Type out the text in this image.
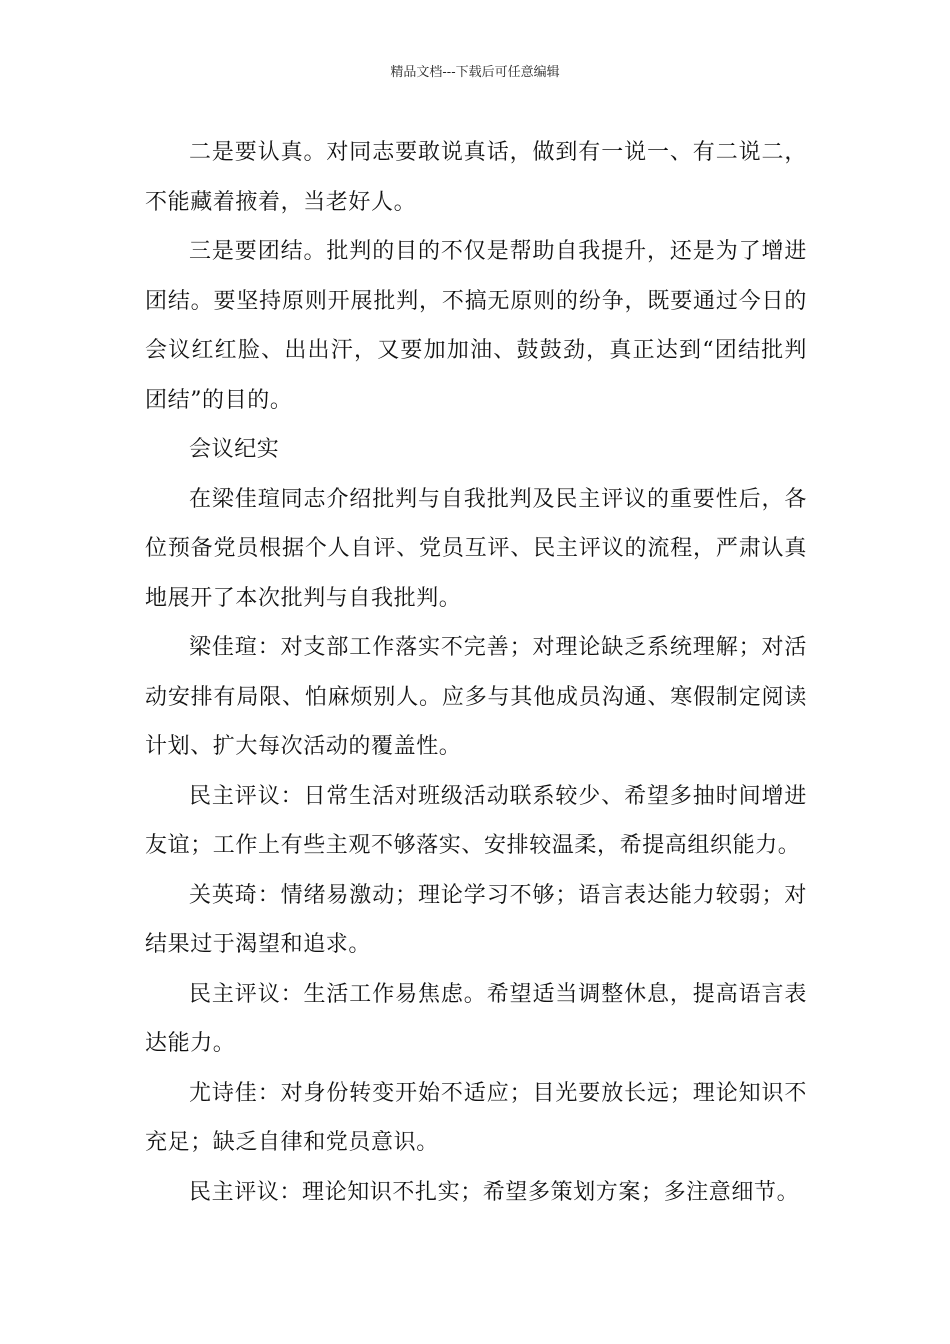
精品文档---下载后可任意编辑

二是要认真。对同志要敢说真话，做到有一说一、有二说二，不能藏着掖着，当老好人。

三是要团结。批判的目的不仅是帮助自我提升，还是为了增进团结。要坚持原则开展批判，不搞无原则的纷争，既要通过今日的会议红红脸、出出汗，又要加加油、鼓鼓劲，真正达到“团结批判团结”的目的。

会议纪实

在梁佳瑄同志介绍批判与自我批判及民主评议的重要性后，各位预备党员根据个人自评、党员互评、民主评议的流程，严肃认真地展开了本次批判与自我批判。

梁佳瑄：对支部工作落实不完善；对理论缺乏系统理解；对活动安排有局限、怕麻烦别人。应多与其他成员沟通、寒假制定阅读计划、扩大每次活动的覆盖性。

民主评议：日常生活对班级活动联系较少、希望多抽时间增进友谊；工作上有些主观不够落实、安排较温柔，希提高组织能力。

关英琦：情绪易激动；理论学习不够；语言表达能力较弱；对结果过于渴望和追求。

民主评议：生活工作易焦虑。希望适当调整休息，提高语言表达能力。

尤诗佳：对身份转变开始不适应；目光要放长远；理论知识不充足；缺乏自律和党员意识。

民主评议：理论知识不扎实；希望多策划方案；多注意细节。
